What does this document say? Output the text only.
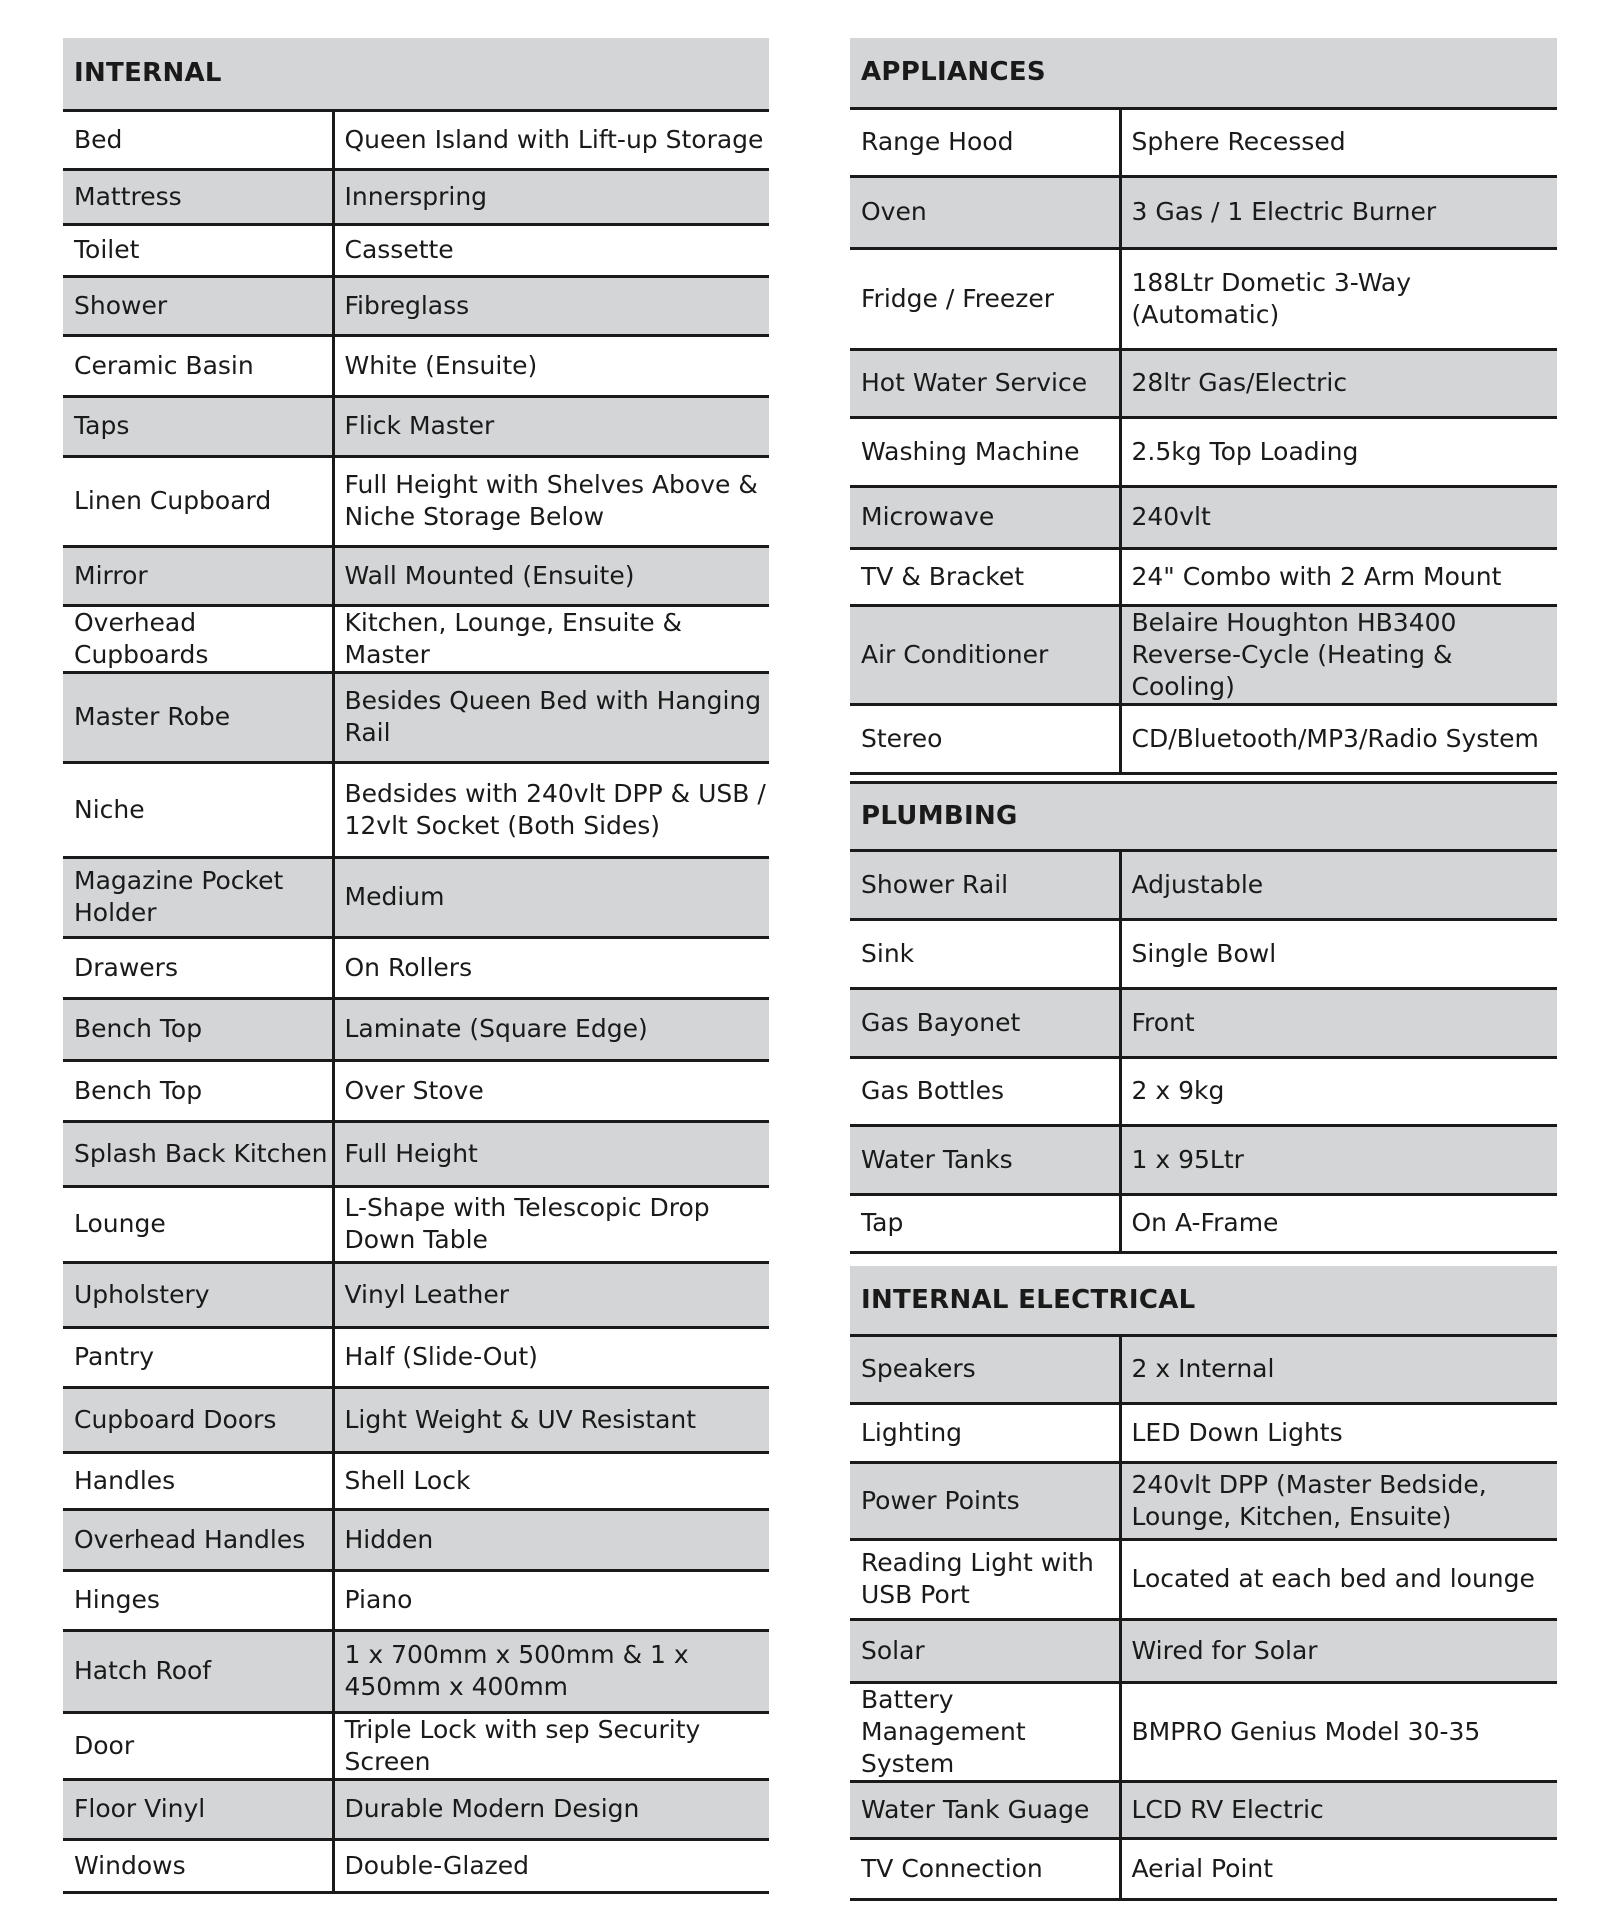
INTERNAL	
Bed	Queen Island with Lift-up Storage
Mattress	Innerspring
Toilet	Cassette
Shower	Fibreglass
Ceramic Basin	White (Ensuite)
Taps	Flick Master
Linen Cupboard	Full Height with Shelves Above & Niche Storage Below
Mirror	Wall Mounted (Ensuite)
Overhead Cupboards	Kitchen, Lounge, Ensuite & Master
Master Robe	Besides Queen Bed with Hanging Rail
Niche	Bedsides with 240vlt DPP & USB / 12vlt Socket (Both Sides)
Magazine Pocket Holder	Medium
Drawers	On Rollers
Bench Top	Laminate (Square Edge)
Bench Top	Over Stove
Splash Back Kitchen	Full Height
Lounge	L-Shape with Telescopic Drop Down Table
Upholstery	Vinyl Leather
Pantry	Half (Slide-Out)
Cupboard Doors	Light Weight & UV Resistant
Handles	Shell Lock
Overhead Handles	Hidden
Hinges	Piano
Hatch Roof	1 x 700mm x 500mm & 1 x 450mm x 400mm
Door	Triple Lock with sep Security Screen
Floor Vinyl	Durable Modern Design
Windows	Double-Glazed
APPLIANCES	
Range Hood	Sphere Recessed
Oven	3 Gas / 1 Electric Burner
Fridge / Freezer	188Ltr Dometic 3-Way (Automatic)
Hot Water Service	28ltr Gas/Electric
Washing Machine	2.5kg Top Loading
Microwave	240vlt
TV & Bracket	24" Combo with 2 Arm Mount
Air Conditioner	Belaire Houghton HB3400 Reverse-Cycle (Heating & Cooling)
Stereo	CD/Bluetooth/MP3/Radio System

PLUMBING	
Shower Rail	Adjustable
Sink	Single Bowl
Gas Bayonet	Front
Gas Bottles	2 x 9kg
Water Tanks	1 x 95Ltr
Tap	On A-Frame

INTERNAL ELECTRICAL	
Speakers	2 x Internal
Lighting	LED Down Lights
Power Points	240vlt DPP (Master Bedside, Lounge, Kitchen, Ensuite)
Reading Light with USB Port	Located at each bed and lounge
Solar	Wired for Solar
Battery Management System	BMPRO Genius Model 30-35
Water Tank Guage	LCD RV Electric
TV Connection	Aerial Point
